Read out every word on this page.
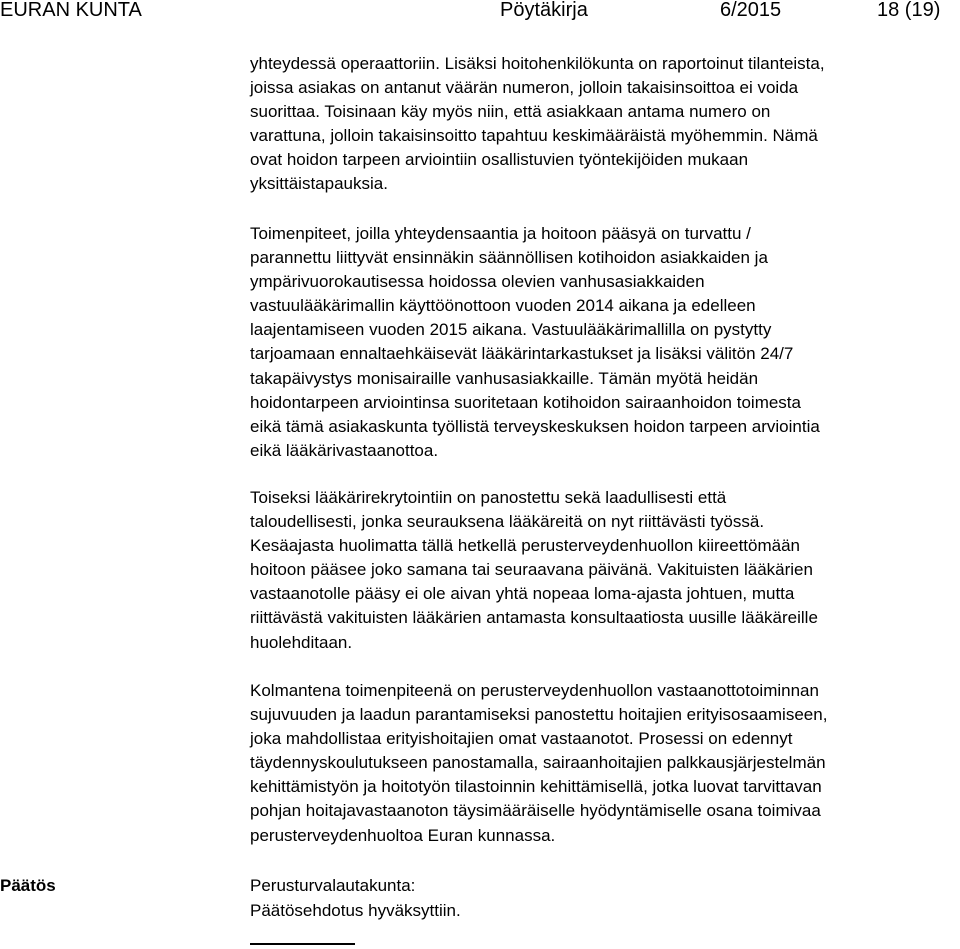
EURAN KUNTA	Pöytäkirja	6/2015	18 (19)

yhteydessä operaattoriin. Lisäksi hoitohenkilökunta on raportoinut tilanteista,
joissa asiakas on antanut väärän numeron, jolloin takaisinsoittoa ei voida
suorittaa. Toisinaan käy myös niin, että asiakkaan antama numero on
varattuna, jolloin takaisinsoitto tapahtuu keskimääräistä myöhemmin. Nämä
ovat hoidon tarpeen arviointiin osallistuvien työntekijöiden mukaan
yksittäistapauksia.

Toimenpiteet, joilla yhteydensaantia ja hoitoon pääsyä on turvattu /
parannettu liittyvät ensinnäkin säännöllisen kotihoidon asiakkaiden ja
ympärivuorokautisessa hoidossa olevien vanhusasiakkaiden
vastuulääkärimallin käyttöönottoon vuoden 2014 aikana ja edelleen
laajentamiseen vuoden 2015 aikana. Vastuulääkärimallilla on pystytty
tarjoamaan ennaltaehkäisevät lääkärintarkastukset ja lisäksi välitön 24/7
takapäivystys monisairaille vanhusasiakkaille. Tämän myötä heidän
hoidontarpeen arviointinsa suoritetaan kotihoidon sairaanhoidon toimesta
eikä tämä asiakaskunta työllistä terveyskeskuksen hoidon tarpeen arviointia
eikä lääkärivastaanottoa.

Toiseksi lääkärirekrytointiin on panostettu sekä laadullisesti että
taloudellisesti, jonka seurauksena lääkäreitä on nyt riittävästi työssä.
Kesäajasta huolimatta tällä hetkellä perusterveydenhuollon kiireettömään
hoitoon pääsee joko samana tai seuraavana päivänä. Vakituisten lääkärien
vastaanotolle pääsy ei ole aivan yhtä nopeaa loma-ajasta johtuen, mutta
riittävästä vakituisten lääkärien antamasta konsultaatiosta uusille lääkäreille
huolehditaan.

Kolmantena toimenpiteenä on perusterveydenhuollon vastaanottotoiminnan
sujuvuuden ja laadun parantamiseksi panostettu hoitajien erityisosaamiseen,
joka mahdollistaa erityishoitajien omat vastaanotot. Prosessi on edennyt
täydennyskoulutukseen panostamalla, sairaanhoitajien palkkausjärjestelmän
kehittämistyön ja hoitotyön tilastoinnin kehittämisellä, jotka luovat tarvittavan
pohjan hoitajavastaanoton täysimääräiselle hyödyntämiselle osana toimivaa
perusterveydenhuoltoa Euran kunnassa.

Päätös	Perusturvalautakunta:
Päätösehdotus hyväksyttiin.
